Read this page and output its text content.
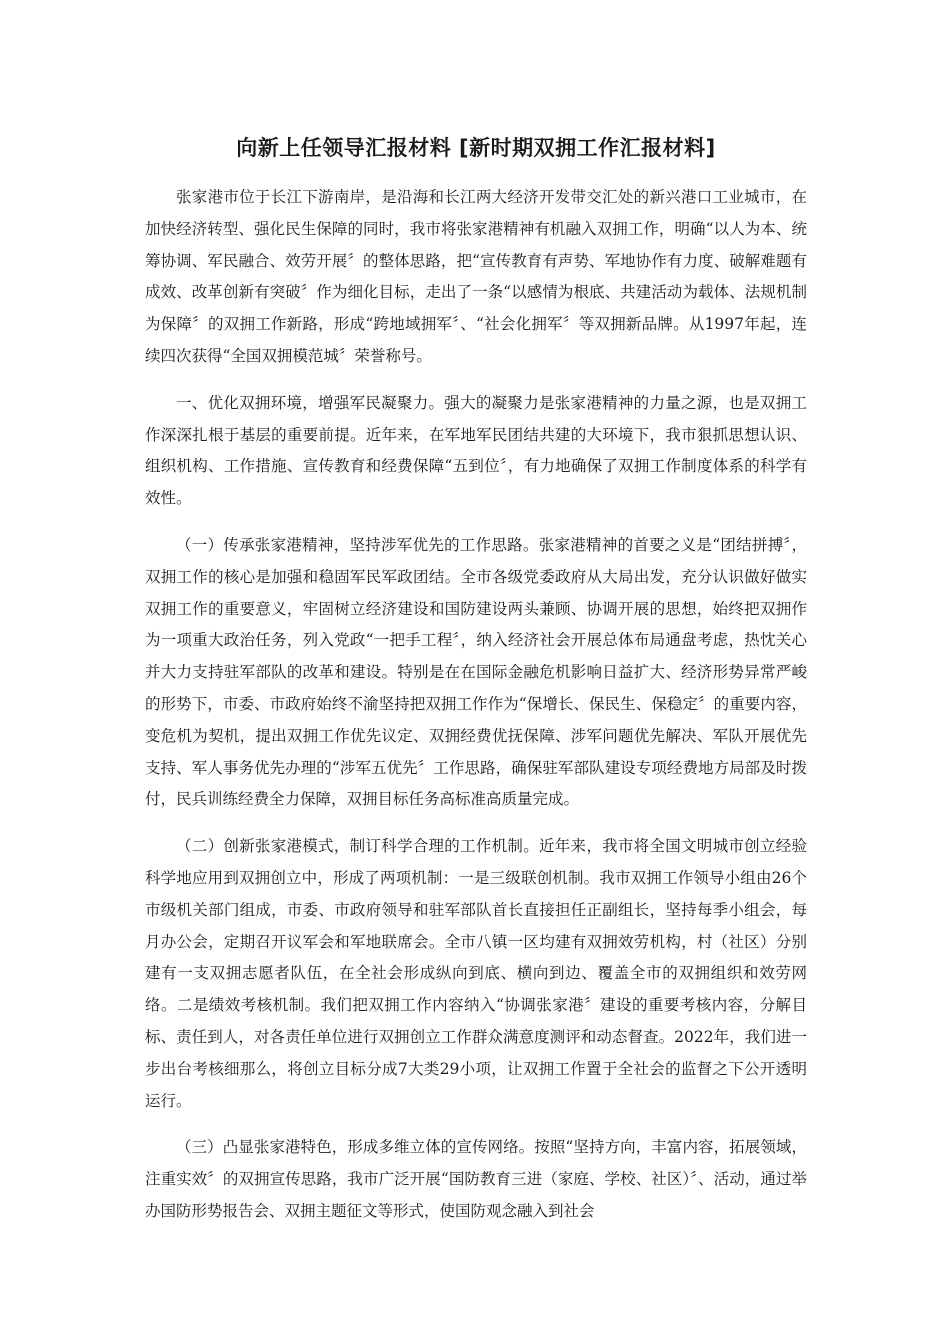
向新上任领导汇报材料 [新时期双拥工作汇报材料]

张家港市位于长江下游南岸，是沿海和长江两大经济开发带交汇处的新兴港口工业城市，在加快经济转型、强化民生保障的同时，我市将张家港精神有机融入双拥工作，明确“以人为本、统筹协调、军民融合、效劳开展〞的整体思路，把“宣传教育有声势、军地协作有力度、破解难题有成效、改革创新有突破〞作为细化目标，走出了一条“以感情为根底、共建活动为载体、法规机制为保障〞的双拥工作新路，形成“跨地域拥军〞、“社会化拥军〞等双拥新品牌。从1997年起，连续四次获得“全国双拥模范城〞荣誉称号。

一、优化双拥环境，增强军民凝聚力。强大的凝聚力是张家港精神的力量之源，也是双拥工作深深扎根于基层的重要前提。近年来，在军地军民团结共建的大环境下，我市狠抓思想认识、组织机构、工作措施、宣传教育和经费保障“五到位〞，有力地确保了双拥工作制度体系的科学有效性。

（一）传承张家港精神，坚持涉军优先的工作思路。张家港精神的首要之义是“团结拼搏〞，双拥工作的核心是加强和稳固军民军政团结。全市各级党委政府从大局出发，充分认识做好做实双拥工作的重要意义，牢固树立经济建设和国防建设两头兼顾、协调开展的思想，始终把双拥作为一项重大政治任务，列入党政“一把手工程〞，纳入经济社会开展总体布局通盘考虑，热忱关心并大力支持驻军部队的改革和建设。特别是在在国际金融危机影响日益扩大、经济形势异常严峻的形势下，市委、市政府始终不渝坚持把双拥工作作为“保增长、保民生、保稳定〞的重要内容，变危机为契机，提出双拥工作优先议定、双拥经费优抚保障、涉军问题优先解决、军队开展优先支持、军人事务优先办理的“涉军五优先〞工作思路，确保驻军部队建设专项经费地方局部及时拨付，民兵训练经费全力保障，双拥目标任务高标准高质量完成。

（二）创新张家港模式，制订科学合理的工作机制。近年来，我市将全国文明城市创立经验科学地应用到双拥创立中，形成了两项机制：一是三级联创机制。我市双拥工作领导小组由26个市级机关部门组成，市委、市政府领导和驻军部队首长直接担任正副组长，坚持每季小组会，每月办公会，定期召开议军会和军地联席会。全市八镇一区均建有双拥效劳机构，村（社区）分别建有一支双拥志愿者队伍，在全社会形成纵向到底、横向到边、覆盖全市的双拥组织和效劳网络。二是绩效考核机制。我们把双拥工作内容纳入“协调张家港〞建设的重要考核内容，分解目标、责任到人，对各责任单位进行双拥创立工作群众满意度测评和动态督查。2022年，我们进一步出台考核细那么，将创立目标分成7大类29小项，让双拥工作置于全社会的监督之下公开透明运行。

（三）凸显张家港特色，形成多维立体的宣传网络。按照“坚持方向，丰富内容，拓展领域，注重实效〞的双拥宣传思路，我市广泛开展“国防教育三进（家庭、学校、社区）〞、活动，通过举办国防形势报告会、双拥主题征文等形式，使国防观念融入到社会
